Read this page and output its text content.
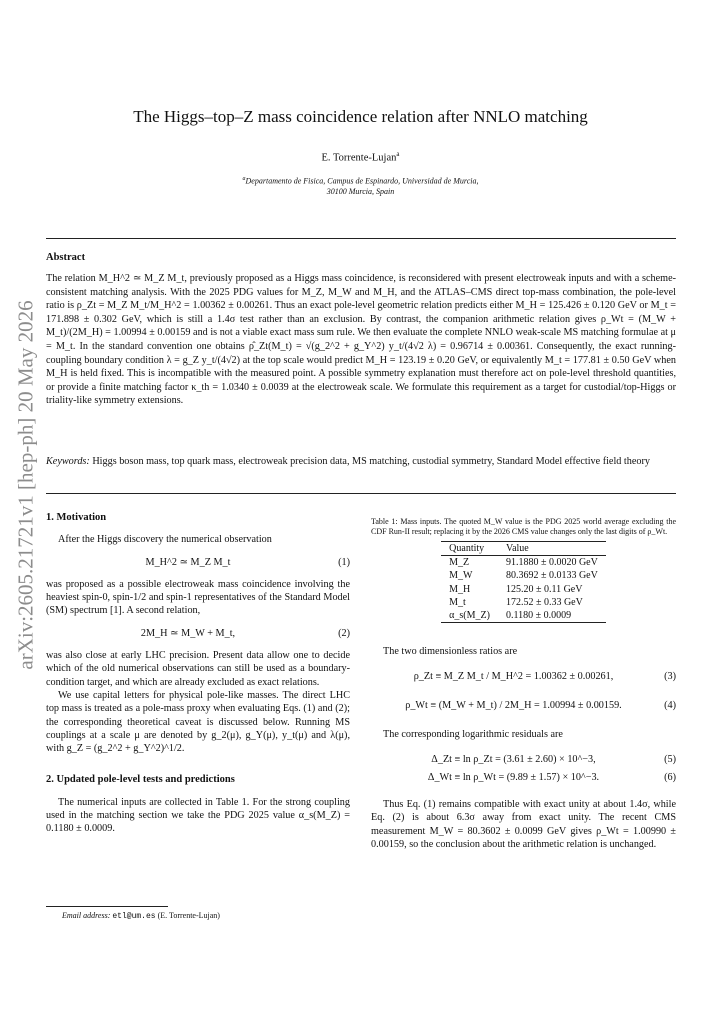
arXiv:2605.21721v1 [hep-ph] 20 May 2026
The Higgs–top–Z mass coincidence relation after NNLO matching
E. Torrente-Lujan$^a$
$^a$Departamento de Fisica, Campus de Espinardo, Universidad de Murcia,
30100 Murcia, Spain
Abstract
The relation M_H^2 ≃ M_Z M_t, previously proposed as a Higgs mass coincidence, is reconsidered with present electroweak inputs and with a scheme-consistent matching analysis. With the 2025 PDG values for M_Z, M_W and M_H, and the ATLAS–CMS direct top-mass combination, the pole-level ratio is ρ_Zt = M_Z M_t/M_H^2 = 1.00362 ± 0.00261. Thus an exact pole-level geometric relation predicts either M_H = 125.426 ± 0.120 GeV or M_t = 171.898 ± 0.302 GeV, which is still a 1.4σ test rather than an exclusion. By contrast, the companion arithmetic relation gives ρ_Wt = (M_W + M_t)/(2M_H) = 1.00994 ± 0.00159 and is not a viable exact mass sum rule. We then evaluate the complete NNLO weak-scale MS matching formulae at μ = M_t. In the standard convention one obtains ρ̂_Zt(M_t) = √(g_2^2 + g_Y^2) y_t/(4√2 λ) = 0.96714 ± 0.00361. Consequently, the exact running-coupling boundary condition λ = g_Z y_t/(4√2) at the top scale would predict M_H = 123.19 ± 0.20 GeV, or equivalently M_t = 177.81 ± 0.50 GeV when M_H is held fixed. This is incompatible with the measured point. A possible symmetry explanation must therefore act on pole-level threshold quantities, or provide a finite matching factor κ_th = 1.0340 ± 0.0039 at the electroweak scale. We formulate this requirement as a target for custodial/top-Higgs or triality-like symmetry extensions.
Keywords: Higgs boson mass, top quark mass, electroweak precision data, MS matching, custodial symmetry, Standard Model effective field theory
1. Motivation
After the Higgs discovery the numerical observation
M_H^2 ≃ M_Z M_t	(1)
was proposed as a possible electroweak mass coincidence involving the heaviest spin-0, spin-1/2 and spin-1 representatives of the Standard Model (SM) spectrum [1]. A second relation,
2M_H ≃ M_W + M_t,	(2)
was also close at early LHC precision. Present data allow one to decide which of the old numerical observations can still be used as a boundary-condition target, and which are already excluded as exact relations.
We use capital letters for physical pole-like masses. The direct LHC top mass is treated as a pole-mass proxy when evaluating Eqs. (1) and (2); the corresponding theoretical caveat is discussed below. Running MS couplings at a scale μ are denoted by g_2(μ), g_Y(μ), y_t(μ) and λ(μ), with g_Z = (g_2^2 + g_Y^2)^1/2.
2. Updated pole-level tests and predictions
The numerical inputs are collected in Table 1. For the strong coupling used in the matching section we take the PDG 2025 value α_s(M_Z) = 0.1180 ± 0.0009.
Email address: etl@um.es (E. Torrente-Lujan)
Table 1: Mass inputs. The quoted M_W value is the PDG 2025 world average excluding the CDF Run-II result; replacing it by the 2026 CMS value changes only the last digits of ρ_Wt.
Quantity	Value
M_Z	91.1880 ± 0.0020 GeV
M_W	80.3692 ± 0.0133 GeV
M_H	125.20 ± 0.11 GeV
M_t	172.52 ± 0.33 GeV
α_s(M_Z)	0.1180 ± 0.0009
The two dimensionless ratios are
ρ_Zt ≡ M_Z M_t / M_H^2 = 1.00362 ± 0.00261,	(3)
ρ_Wt ≡ (M_W + M_t) / 2M_H = 1.00994 ± 0.00159.	(4)
The corresponding logarithmic residuals are
Δ_Zt ≡ ln ρ_Zt = (3.61 ± 2.60) × 10^−3,	(5)
Δ_Wt ≡ ln ρ_Wt = (9.89 ± 1.57) × 10^−3.	(6)
Thus Eq. (1) remains compatible with exact unity at about 1.4σ, while Eq. (2) is about 6.3σ away from exact unity. The recent CMS measurement M_W = 80.3602 ± 0.0099 GeV gives ρ_Wt = 1.00990 ± 0.00159, so the conclusion about the arithmetic relation is unchanged.
